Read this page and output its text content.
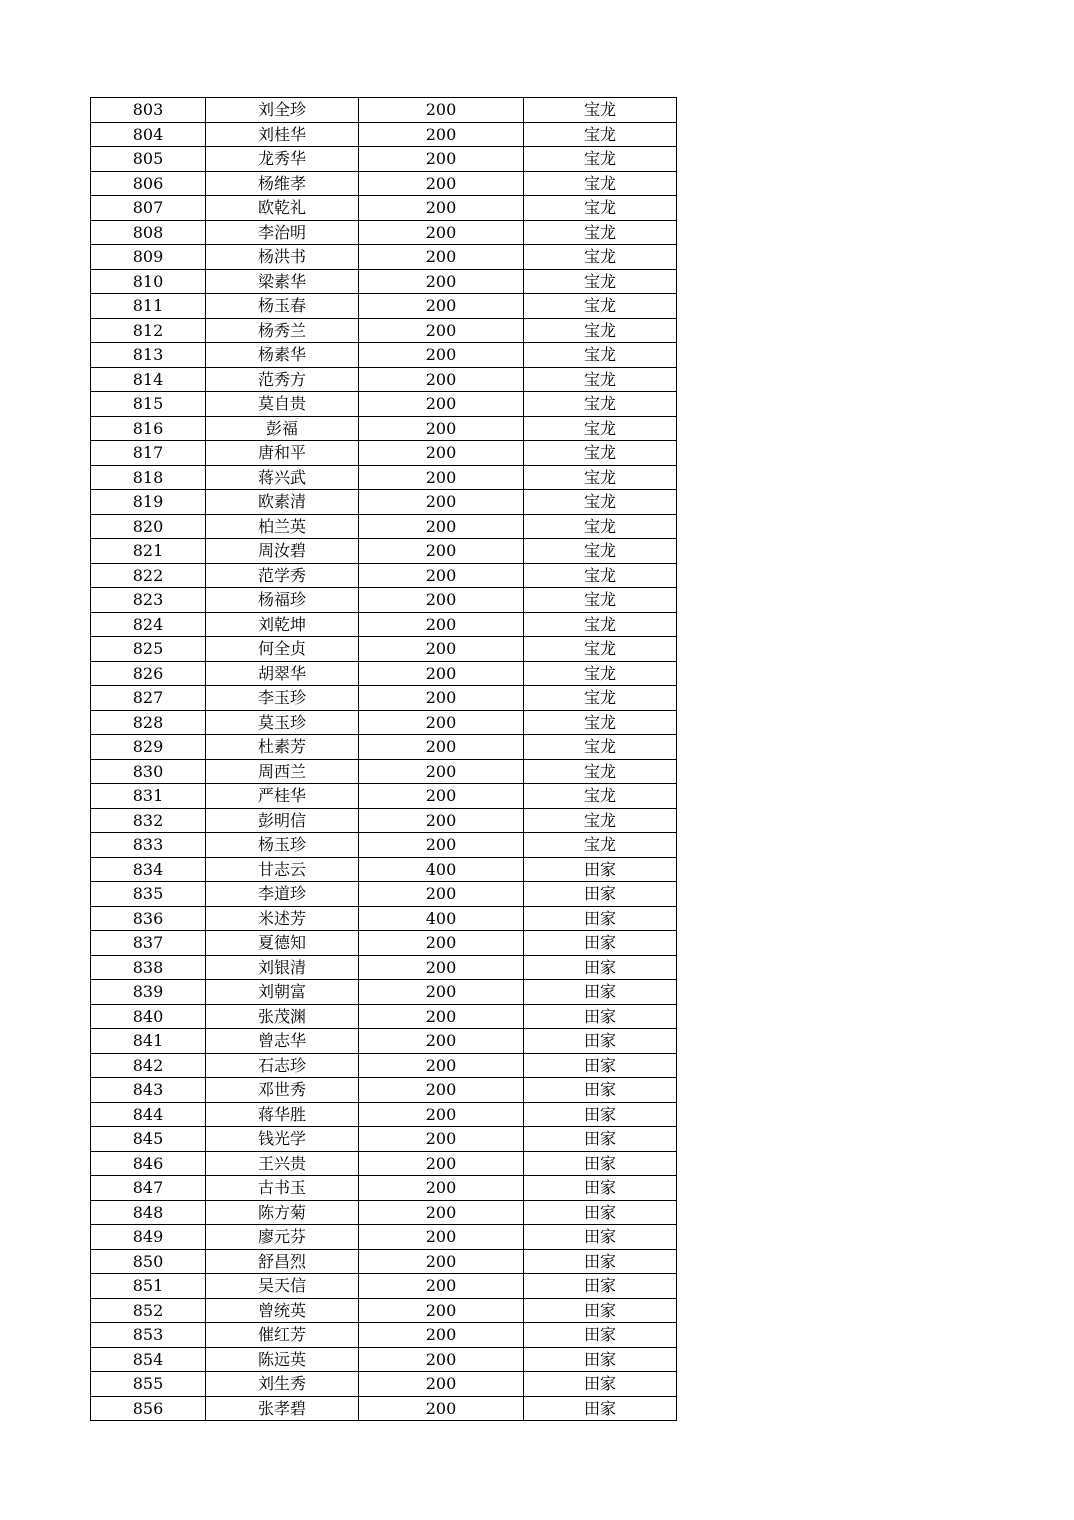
803	刘全珍	200	宝龙
804	刘桂华	200	宝龙
805	龙秀华	200	宝龙
806	杨维孝	200	宝龙
807	欧乾礼	200	宝龙
808	李治明	200	宝龙
809	杨洪书	200	宝龙
810	梁素华	200	宝龙
811	杨玉春	200	宝龙
812	杨秀兰	200	宝龙
813	杨素华	200	宝龙
814	范秀方	200	宝龙
815	莫自贵	200	宝龙
816	彭福	200	宝龙
817	唐和平	200	宝龙
818	蒋兴武	200	宝龙
819	欧素清	200	宝龙
820	柏兰英	200	宝龙
821	周汝碧	200	宝龙
822	范学秀	200	宝龙
823	杨福珍	200	宝龙
824	刘乾坤	200	宝龙
825	何全贞	200	宝龙
826	胡翠华	200	宝龙
827	李玉珍	200	宝龙
828	莫玉珍	200	宝龙
829	杜素芳	200	宝龙
830	周西兰	200	宝龙
831	严桂华	200	宝龙
832	彭明信	200	宝龙
833	杨玉珍	200	宝龙
834	甘志云	400	田家
835	李道珍	200	田家
836	米述芳	400	田家
837	夏德知	200	田家
838	刘银清	200	田家
839	刘朝富	200	田家
840	张茂渊	200	田家
841	曾志华	200	田家
842	石志珍	200	田家
843	邓世秀	200	田家
844	蒋华胜	200	田家
845	钱光学	200	田家
846	王兴贵	200	田家
847	古书玉	200	田家
848	陈方菊	200	田家
849	廖元芬	200	田家
850	舒昌烈	200	田家
851	吴天信	200	田家
852	曾统英	200	田家
853	催红芳	200	田家
854	陈远英	200	田家
855	刘生秀	200	田家
856	张孝碧	200	田家
